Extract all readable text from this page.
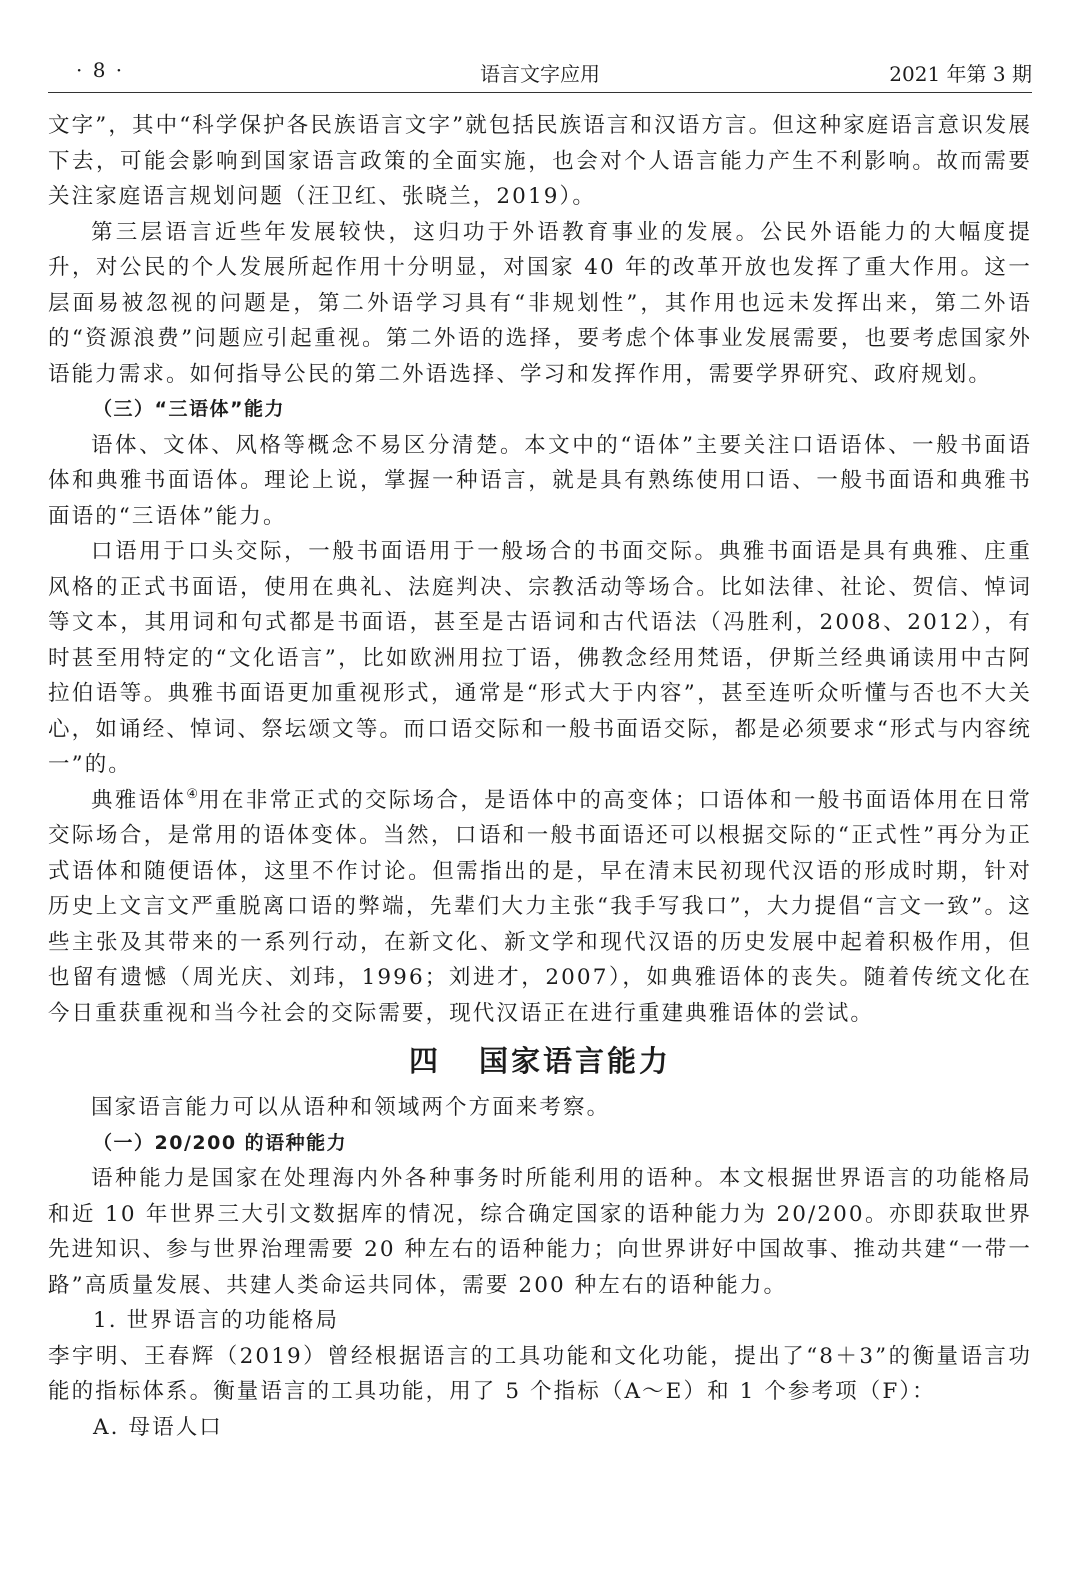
· 8 ·	语言文字应用	2021 年第 3 期

文字”，其中“科学保护各民族语言文字”就包括民族语言和汉语方言。但这种家庭语言意识发展下去，可能会影响到国家语言政策的全面实施，也会对个人语言能力产生不利影响。故而需要关注家庭语言规划问题（汪卫红、张晓兰，2019）。

第三层语言近些年发展较快，这归功于外语教育事业的发展。公民外语能力的大幅度提升，对公民的个人发展所起作用十分明显，对国家 40 年的改革开放也发挥了重大作用。这一层面易被忽视的问题是，第二外语学习具有“非规划性”，其作用也远未发挥出来，第二外语的“资源浪费”问题应引起重视。第二外语的选择，要考虑个体事业发展需要，也要考虑国家外语能力需求。如何指导公民的第二外语选择、学习和发挥作用，需要学界研究、政府规划。

（三）“三语体”能力

语体、文体、风格等概念不易区分清楚。本文中的“语体”主要关注口语语体、一般书面语体和典雅书面语体。理论上说，掌握一种语言，就是具有熟练使用口语、一般书面语和典雅书面语的“三语体”能力。

口语用于口头交际，一般书面语用于一般场合的书面交际。典雅书面语是具有典雅、庄重风格的正式书面语，使用在典礼、法庭判决、宗教活动等场合。比如法律、社论、贺信、悼词等文本，其用词和句式都是书面语，甚至是古语词和古代语法（冯胜利，2008、2012），有时甚至用特定的“文化语言”，比如欧洲用拉丁语，佛教念经用梵语，伊斯兰经典诵读用中古阿拉伯语等。典雅书面语更加重视形式，通常是“形式大于内容”，甚至连听众听懂与否也不大关心，如诵经、悼词、祭坛颂文等。而口语交际和一般书面语交际，都是必须要求“形式与内容统一”的。

典雅语体④用在非常正式的交际场合，是语体中的高变体；口语体和一般书面语体用在日常交际场合，是常用的语体变体。当然，口语和一般书面语还可以根据交际的“正式性”再分为正式语体和随便语体，这里不作讨论。但需指出的是，早在清末民初现代汉语的形成时期，针对历史上文言文严重脱离口语的弊端，先辈们大力主张“我手写我口”，大力提倡“言文一致”。这些主张及其带来的一系列行动，在新文化、新文学和现代汉语的历史发展中起着积极作用，但也留有遗憾（周光庆、刘玮，1996；刘进才，2007），如典雅语体的丧失。随着传统文化在今日重获重视和当今社会的交际需要，现代汉语正在进行重建典雅语体的尝试。

四 国家语言能力

国家语言能力可以从语种和领域两个方面来考察。

（一）20/200 的语种能力

语种能力是国家在处理海内外各种事务时所能利用的语种。本文根据世界语言的功能格局和近 10 年世界三大引文数据库的情况，综合确定国家的语种能力为 20/200。亦即获取世界先进知识、参与世界治理需要 20 种左右的语种能力；向世界讲好中国故事、推动共建“一带一路”高质量发展、共建人类命运共同体，需要 200 种左右的语种能力。

1. 世界语言的功能格局

李宇明、王春辉（2019）曾经根据语言的工具功能和文化功能，提出了“8＋3”的衡量语言功能的指标体系。衡量语言的工具功能，用了 5 个指标（A～E）和 1 个参考项（F）：

A. 母语人口
